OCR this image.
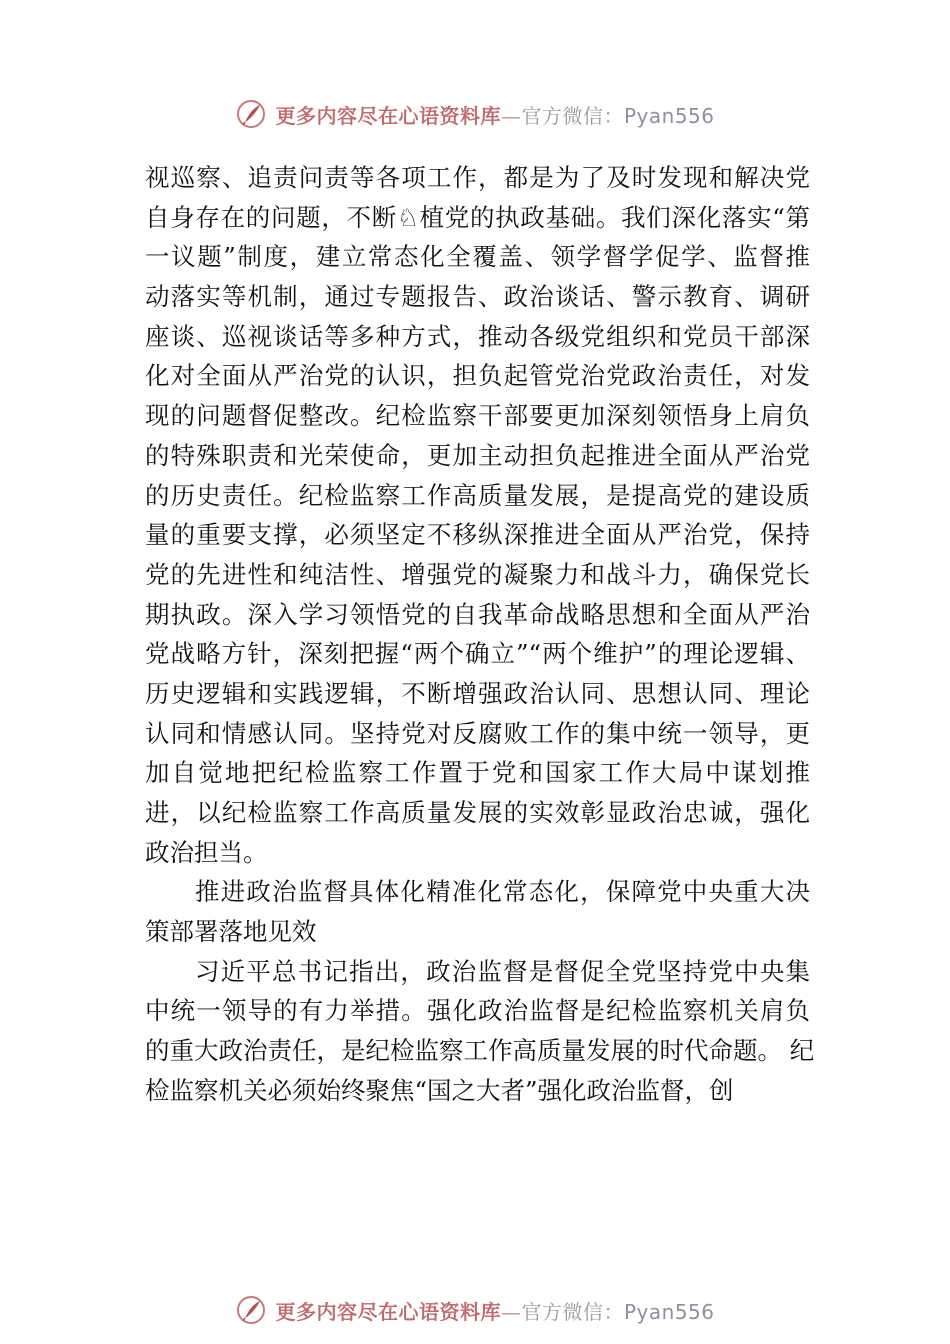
更多内容尽在心语资料库—官方微信：Pyan556
视巡察、追责问责等各项工作，都是为了及时发现和解决党
自身存在的问题，不断♘植党的执政基础。我们深化落实“第
一议题”制度，建立常态化全覆盖、领学督学促学、监督推
动落实等机制，通过专题报告、政治谈话、警示教育、调研
座谈、巡视谈话等多种方式，推动各级党组织和党员干部深
化对全面从严治党的认识，担负起管党治党政治责任，对发
现的问题督促整改。纪检监察干部要更加深刻领悟身上肩负
的特殊职责和光荣使命，更加主动担负起推进全面从严治党
的历史责任。纪检监察工作高质量发展，是提高党的建设质
量的重要支撑，必须坚定不移纵深推进全面从严治党，保持
党的先进性和纯洁性、增强党的凝聚力和战斗力，确保党长
期执政。深入学习领悟党的自我革命战略思想和全面从严治
党战略方针，深刻把握“两个确立”“两个维护”的理论逻辑、
历史逻辑和实践逻辑，不断增强政治认同、思想认同、理论
认同和情感认同。坚持党对反腐败工作的集中统一领导，更
加自觉地把纪检监察工作置于党和国家工作大局中谋划推
进，以纪检监察工作高质量发展的实效彰显政治忠诚，强化
政治担当。
推进政治监督具体化精准化常态化，保障党中央重大决
策部署落地见效
习近平总书记指出，政治监督是督促全党坚持党中央集
中统一领导的有力举措。强化政治监督是纪检监察机关肩负
的重大政治责任，是纪检监察工作高质量发展的时代命题。 纪
检监察机关必须始终聚焦“国之大者”强化政治监督，创
更多内容尽在心语资料库—官方微信：Pyan556
